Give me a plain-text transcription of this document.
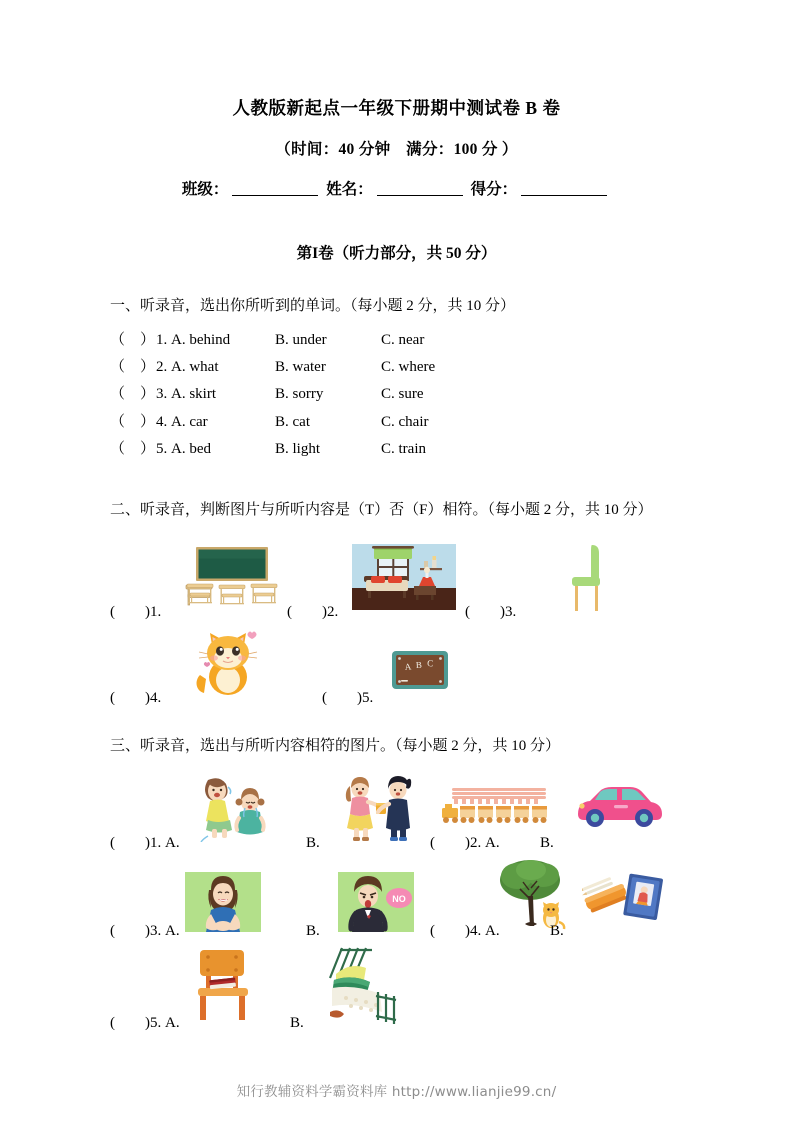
人教版新起点一年级下册期中测试卷 B 卷
（时间：40 分钟　满分：100 分 ）
班级：	姓名：	得分：
第I卷（听力部分，共 50 分）
一、听录音，选出你所听到的单词。（每小题 2 分，共 10 分）
（　）1. A. behind	B. under	C. near
（　）2. A. what	B. water	C. where
（　）3. A. skirt	B. sorry	C. sure
（　）4. A. car	B. cat	C. chair
（　）5. A. bed	B. light	C. train
二、听录音，判断图片与所听内容是（T）否（F）相符。（每小题 2 分，共 10 分）
(　　)1.	(　　)2.	(　　)3.
(　　)4.	(　　)5.
A B C
三、听录音，选出与所听内容相符的图片。（每小题 2 分，共 10 分）
(　　)1. A.	B.	(　　)2. A.	B.
(　　)3. A.	B.
NO
(　　)4. A.	B.
(　　)5. A.	B.
知行教辅资料学霸资料库 http://www.lianjie99.cn/
